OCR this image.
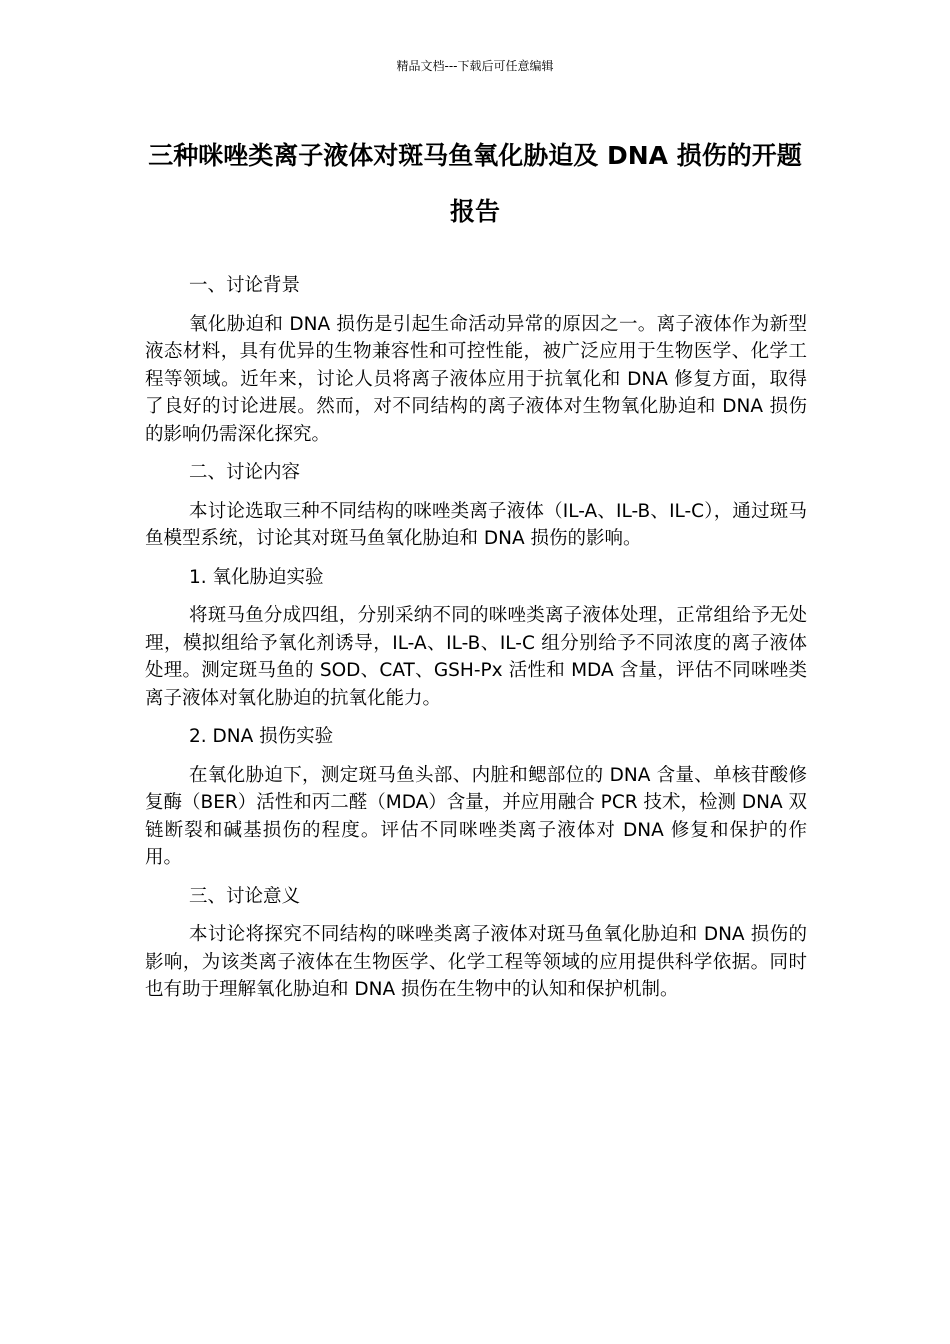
精品文档---下载后可任意编辑
三种咪唑类离子液体对斑马鱼氧化胁迫及 DNA 损伤的开题报告

一、讨论背景

氧化胁迫和 DNA 损伤是引起生命活动异常的原因之一。离子液体作为新型液态材料，具有优异的生物兼容性和可控性能，被广泛应用于生物医学、化学工程等领域。近年来，讨论人员将离子液体应用于抗氧化和 DNA 修复方面，取得了良好的讨论进展。然而，对不同结构的离子液体对生物氧化胁迫和 DNA 损伤的影响仍需深化探究。

二、讨论内容

本讨论选取三种不同结构的咪唑类离子液体（IL-A、IL-B、IL-C），通过斑马鱼模型系统，讨论其对斑马鱼氧化胁迫和 DNA 损伤的影响。

1. 氧化胁迫实验

将斑马鱼分成四组，分别采纳不同的咪唑类离子液体处理，正常组给予无处理，模拟组给予氧化剂诱导，IL-A、IL-B、IL-C 组分别给予不同浓度的离子液体处理。测定斑马鱼的 SOD、CAT、GSH-Px 活性和 MDA 含量，评估不同咪唑类离子液体对氧化胁迫的抗氧化能力。

2. DNA 损伤实验

在氧化胁迫下，测定斑马鱼头部、内脏和鳃部位的 DNA 含量、单核苷酸修复酶（BER）活性和丙二醛（MDA）含量，并应用融合 PCR 技术，检测 DNA 双链断裂和碱基损伤的程度。评估不同咪唑类离子液体对 DNA 修复和保护的作用。

三、讨论意义

本讨论将探究不同结构的咪唑类离子液体对斑马鱼氧化胁迫和 DNA 损伤的影响，为该类离子液体在生物医学、化学工程等领域的应用提供科学依据。同时也有助于理解氧化胁迫和 DNA 损伤在生物中的认知和保护机制。
